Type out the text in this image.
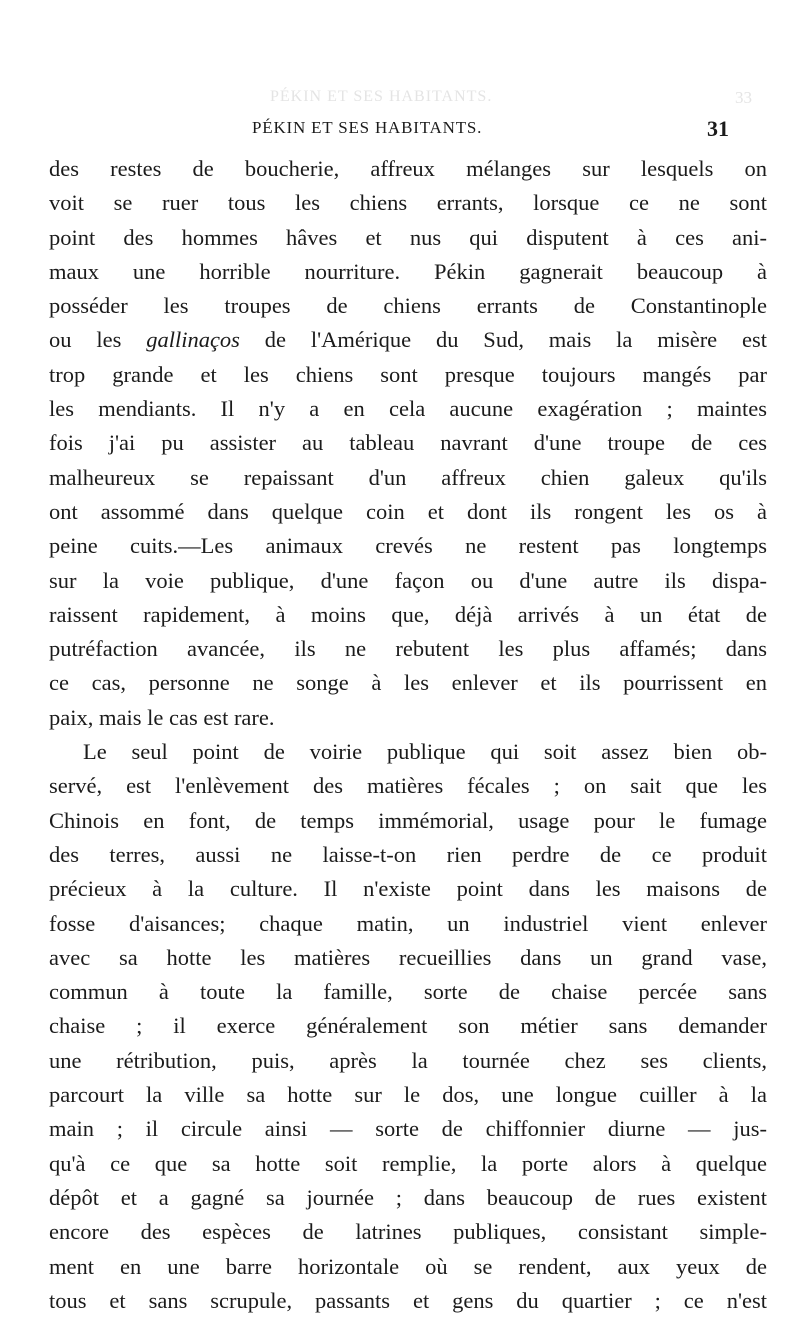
PÉKIN ET SES HABITANTS.	33
PÉKIN ET SES HABITANTS.	31
des restes de boucherie, affreux mélanges sur lesquels on
voit se ruer tous les chiens errants, lorsque ce ne sont
point des hommes hâves et nus qui disputent à ces ani-
maux une horrible nourriture. Pékin gagnerait beaucoup à
posséder les troupes de chiens errants de Constantinople
ou les gallinaços de l'Amérique du Sud, mais la misère est
trop grande et les chiens sont presque toujours mangés par
les mendiants. Il n'y a en cela aucune exagération ; maintes
fois j'ai pu assister au tableau navrant d'une troupe de ces
malheureux se repaissant d'un affreux chien galeux qu'ils
ont assommé dans quelque coin et dont ils rongent les os à
peine cuits.—Les animaux crevés ne restent pas longtemps
sur la voie publique, d'une façon ou d'une autre ils dispa-
raissent rapidement, à moins que, déjà arrivés à un état de
putréfaction avancée, ils ne rebutent les plus affamés; dans
ce cas, personne ne songe à les enlever et ils pourrissent en
paix, mais le cas est rare.
Le seul point de voirie publique qui soit assez bien ob-
servé, est l'enlèvement des matières fécales ; on sait que les
Chinois en font, de temps immémorial, usage pour le fumage
des terres, aussi ne laisse-t-on rien perdre de ce produit
précieux à la culture. Il n'existe point dans les maisons de
fosse d'aisances; chaque matin, un industriel vient enlever
avec sa hotte les matières recueillies dans un grand vase,
commun à toute la famille, sorte de chaise percée sans
chaise ; il exerce généralement son métier sans demander
une rétribution, puis, après la tournée chez ses clients,
parcourt la ville sa hotte sur le dos, une longue cuiller à la
main ; il circule ainsi — sorte de chiffonnier diurne — jus-
qu'à ce que sa hotte soit remplie, la porte alors à quelque
dépôt et a gagné sa journée ; dans beaucoup de rues existent
encore des espèces de latrines publiques, consistant simple-
ment en une barre horizontale où se rendent, aux yeux de
tous et sans scrupule, passants et gens du quartier ; ce n'est
